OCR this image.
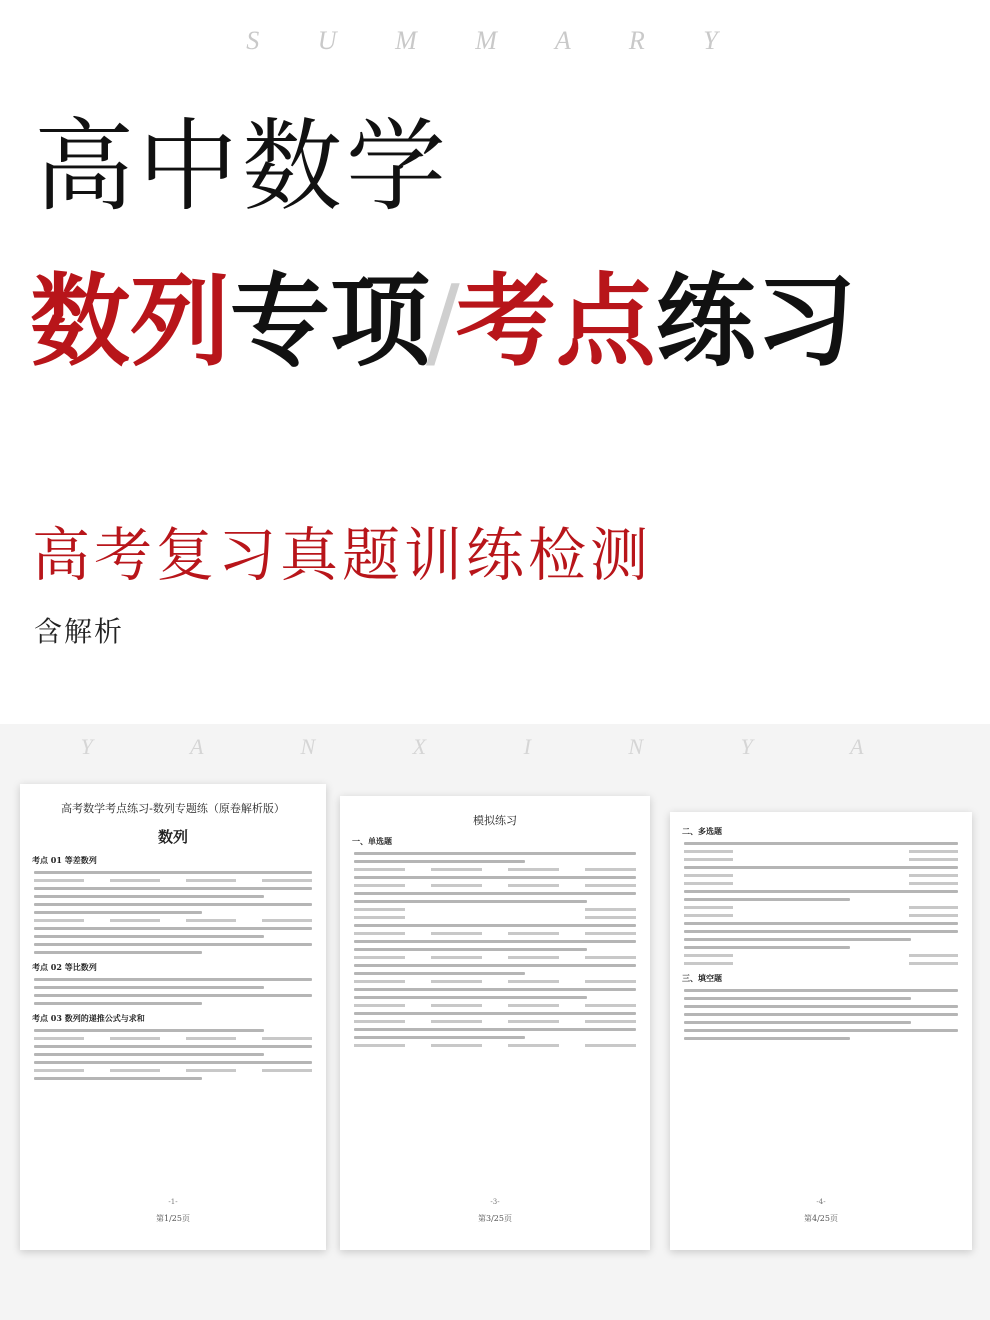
S U M M A R Y
高中数学
数列专项/考点练习
高考复习真题训练检测
含解析
Y A N X I N Y A
高考数学考点练习-数列专题练（原卷解析版）
数列
考点 01 等差数列
考点 02 等比数列
考点 03 数列的递推公式与求和
-1-
第1/25页
模拟练习
一、单选题
-3-
第3/25页
二、多选题
三、填空题
-4-
第4/25页
